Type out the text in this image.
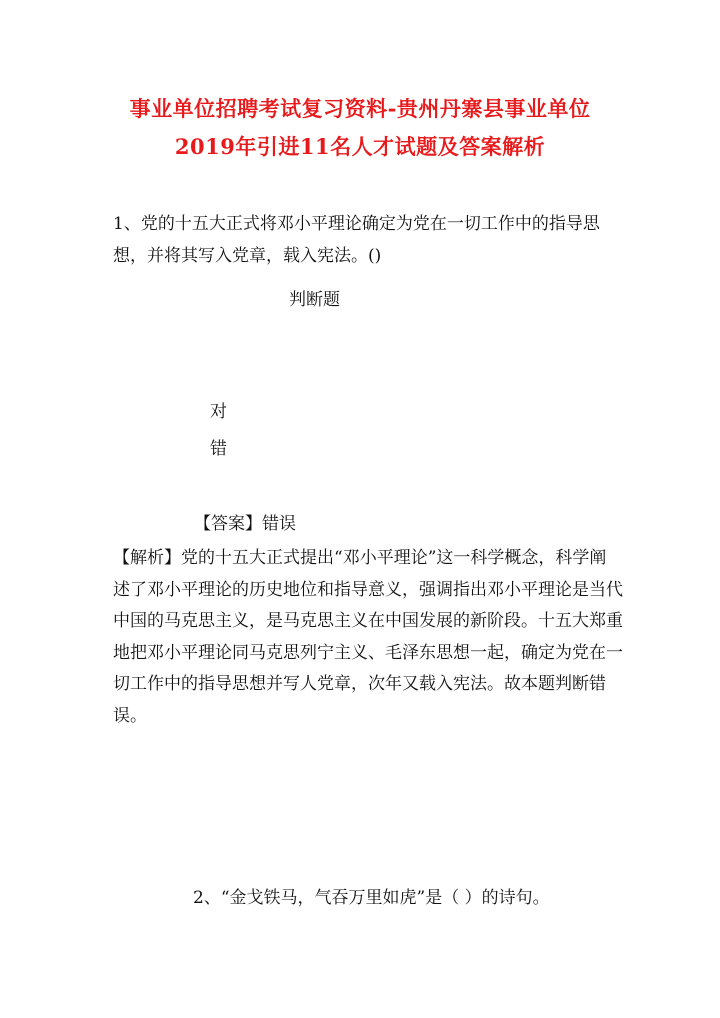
事业单位招聘考试复习资料-贵州丹寨县事业单位
2019年引进11名人才试题及答案解析

1、党的十五大正式将邓小平理论确定为党在一切工作中的指导思想，并将其写入党章，载入宪法。()

判断题
对
错
【答案】错误

【解析】党的十五大正式提出“邓小平理论”这一科学概念，科学阐述了邓小平理论的历史地位和指导意义，强调指出邓小平理论是当代中国的马克思主义，是马克思主义在中国发展的新阶段。十五大郑重地把邓小平理论同马克思列宁主义、毛泽东思想一起，确定为党在一切工作中的指导思想并写人党章，次年又载入宪法。故本题判断错误。

2、“金戈铁马，气吞万里如虎”是（ ）的诗句。
